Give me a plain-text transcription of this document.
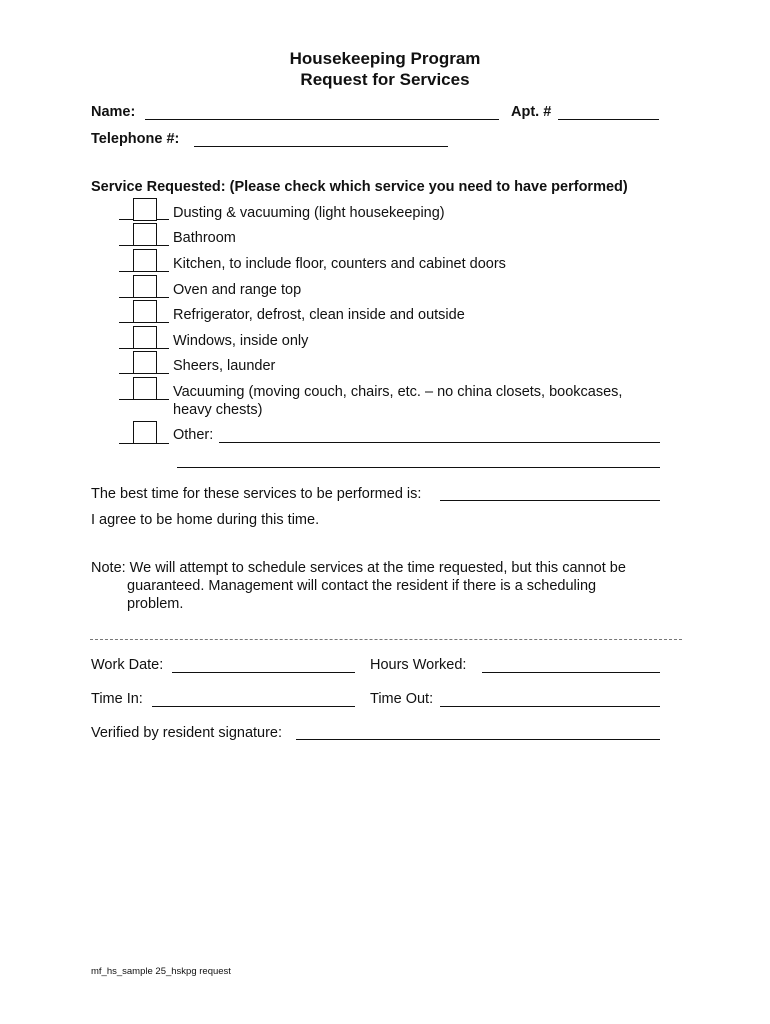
Housekeeping Program
Request for Services
Name:	Apt. #
Telephone #:
Service Requested: (Please check which service you need to have performed)
Dusting & vacuuming (light housekeeping)
Bathroom
Kitchen, to include floor, counters and cabinet doors
Oven and range top
Refrigerator, defrost, clean inside and outside
Windows, inside only
Sheers, launder
Vacuuming (moving couch, chairs, etc. – no china closets, bookcases,
heavy chests)
Other:
The best time for these services to be performed is:
I agree to be home during this time.
Note: We will attempt to schedule services at the time requested, but this cannot be
guaranteed. Management will contact the resident if there is a scheduling
problem.
Work Date:	Hours Worked:
Time In:	Time Out:
Verified by resident signature:
mf_hs_sample 25_hskpg request
